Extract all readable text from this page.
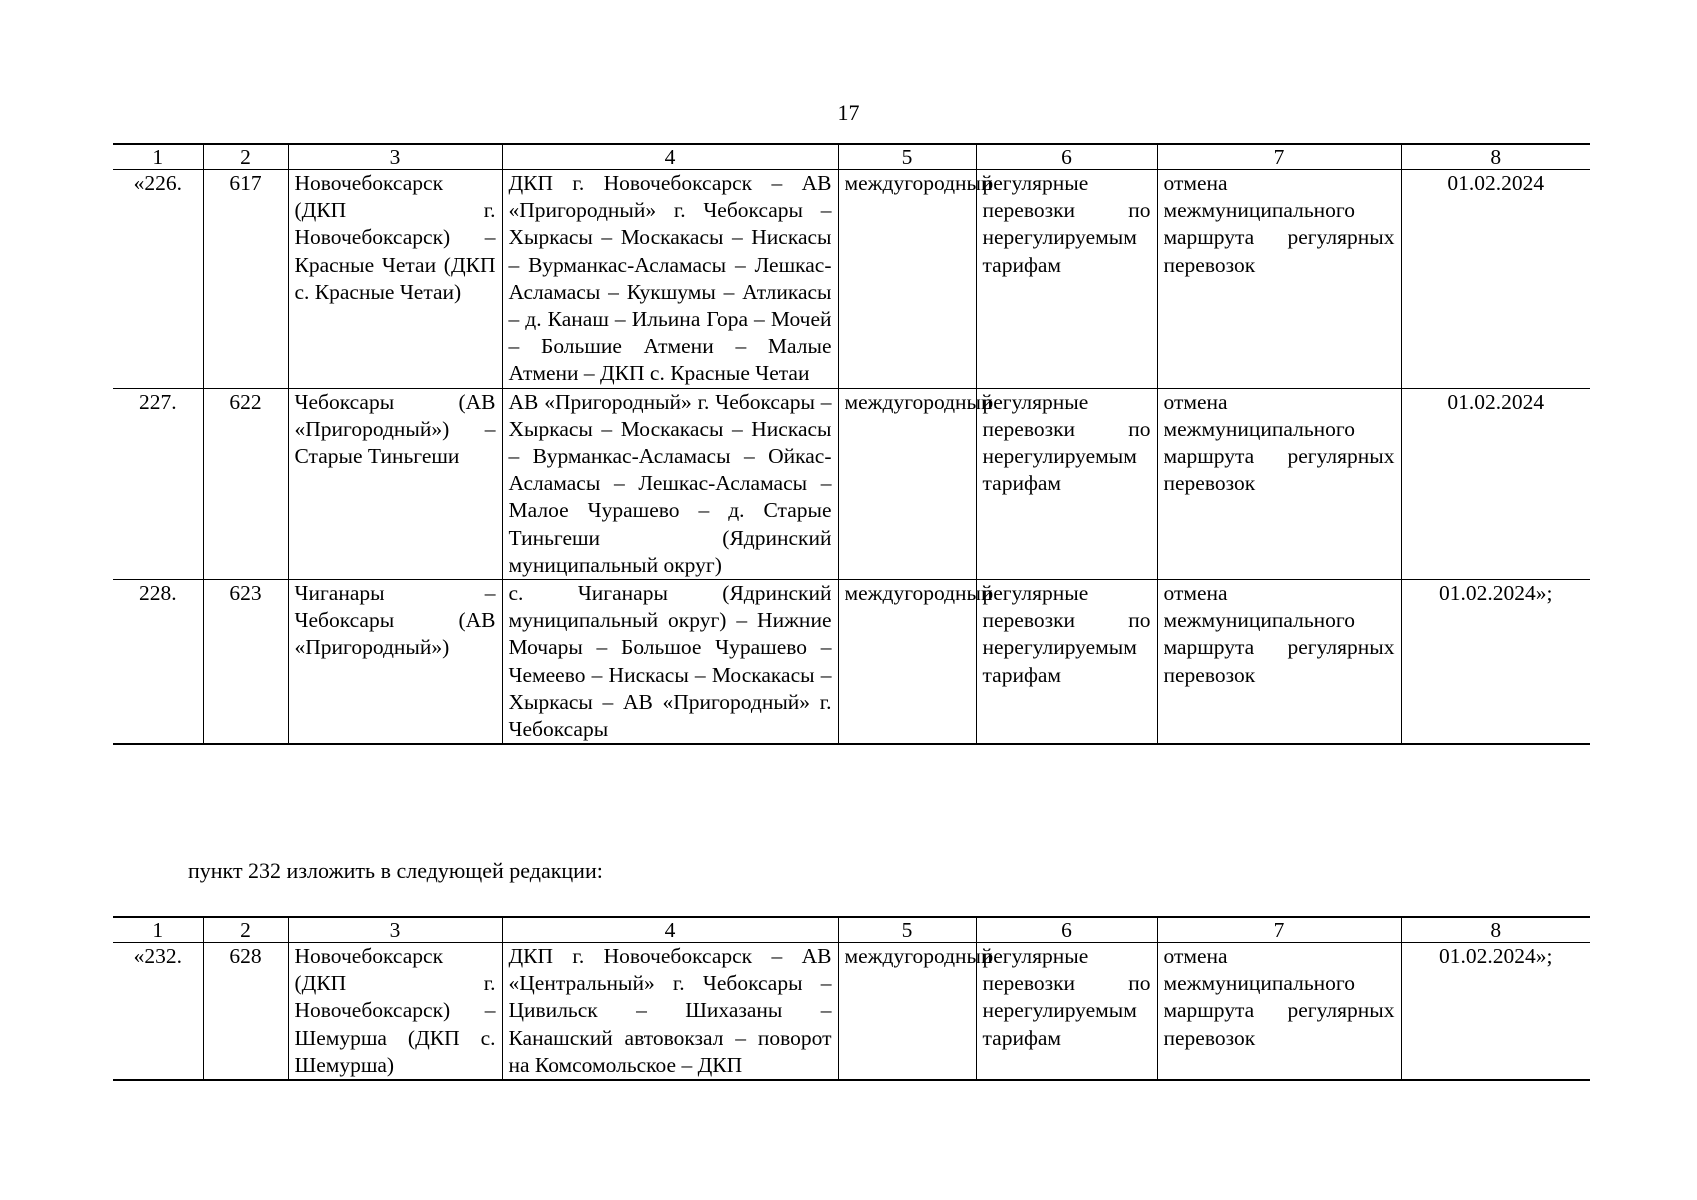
17
1	2	3	4	5	6	7	8
«226.	617	Новочебоксарск (ДКП г. Новочебоксарск) – Красные Четаи (ДКП с. Красные Четаи)	ДКП г. Новочебоксарск – АВ «Пригородный» г. Чебоксары – Хыркасы – Москакасы – Нискасы – Вурманкас-Асламасы – Лешкас-Асламасы – Кукшумы – Атликасы – д. Канаш – Ильина Гора – Мочей – Большие Атмени – Малые Атмени – ДКП с. Красные Четаи	междугородный	регулярные перевозки по нерегулируемым тарифам	отмена межмуниципального маршрута регулярных перевозок	01.02.2024
227.	622	Чебоксары (АВ «Пригородный») – Старые Тиньгеши	АВ «Пригородный» г. Чебоксары – Хыркасы – Москакасы – Нискасы – Вурманкас-Асламасы – Ойкас-Асламасы – Лешкас-Асламасы – Малое Чурашево – д. Старые Тиньгеши (Ядринский муниципальный округ)	междугородный	регулярные перевозки по нерегулируемым тарифам	отмена межмуниципального маршрута регулярных перевозок	01.02.2024
228.	623	Чиганары – Чебоксары (АВ «Пригородный»)	с. Чиганары (Ядринский муниципальный округ) – Нижние Мочары – Большое Чурашево – Чемеево – Нискасы – Москакасы – Хыркасы – АВ «Пригородный» г. Чебоксары	междугородный	регулярные перевозки по нерегулируемым тарифам	отмена межмуниципального маршрута регулярных перевозок	01.02.2024»;
пункт 232 изложить в следующей редакции:
1	2	3	4	5	6	7	8
«232.	628	Новочебоксарск (ДКП г. Новочебоксарск) – Шемурша (ДКП с. Шемурша)	ДКП г. Новочебоксарск – АВ «Центральный» г. Чебоксары – Цивильск – Шихазаны – Канашский автовокзал – поворот на Комсомольское – ДКП	междугородный	регулярные перевозки по нерегулируемым тарифам	отмена межмуниципального маршрута регулярных перевозок	01.02.2024»;
